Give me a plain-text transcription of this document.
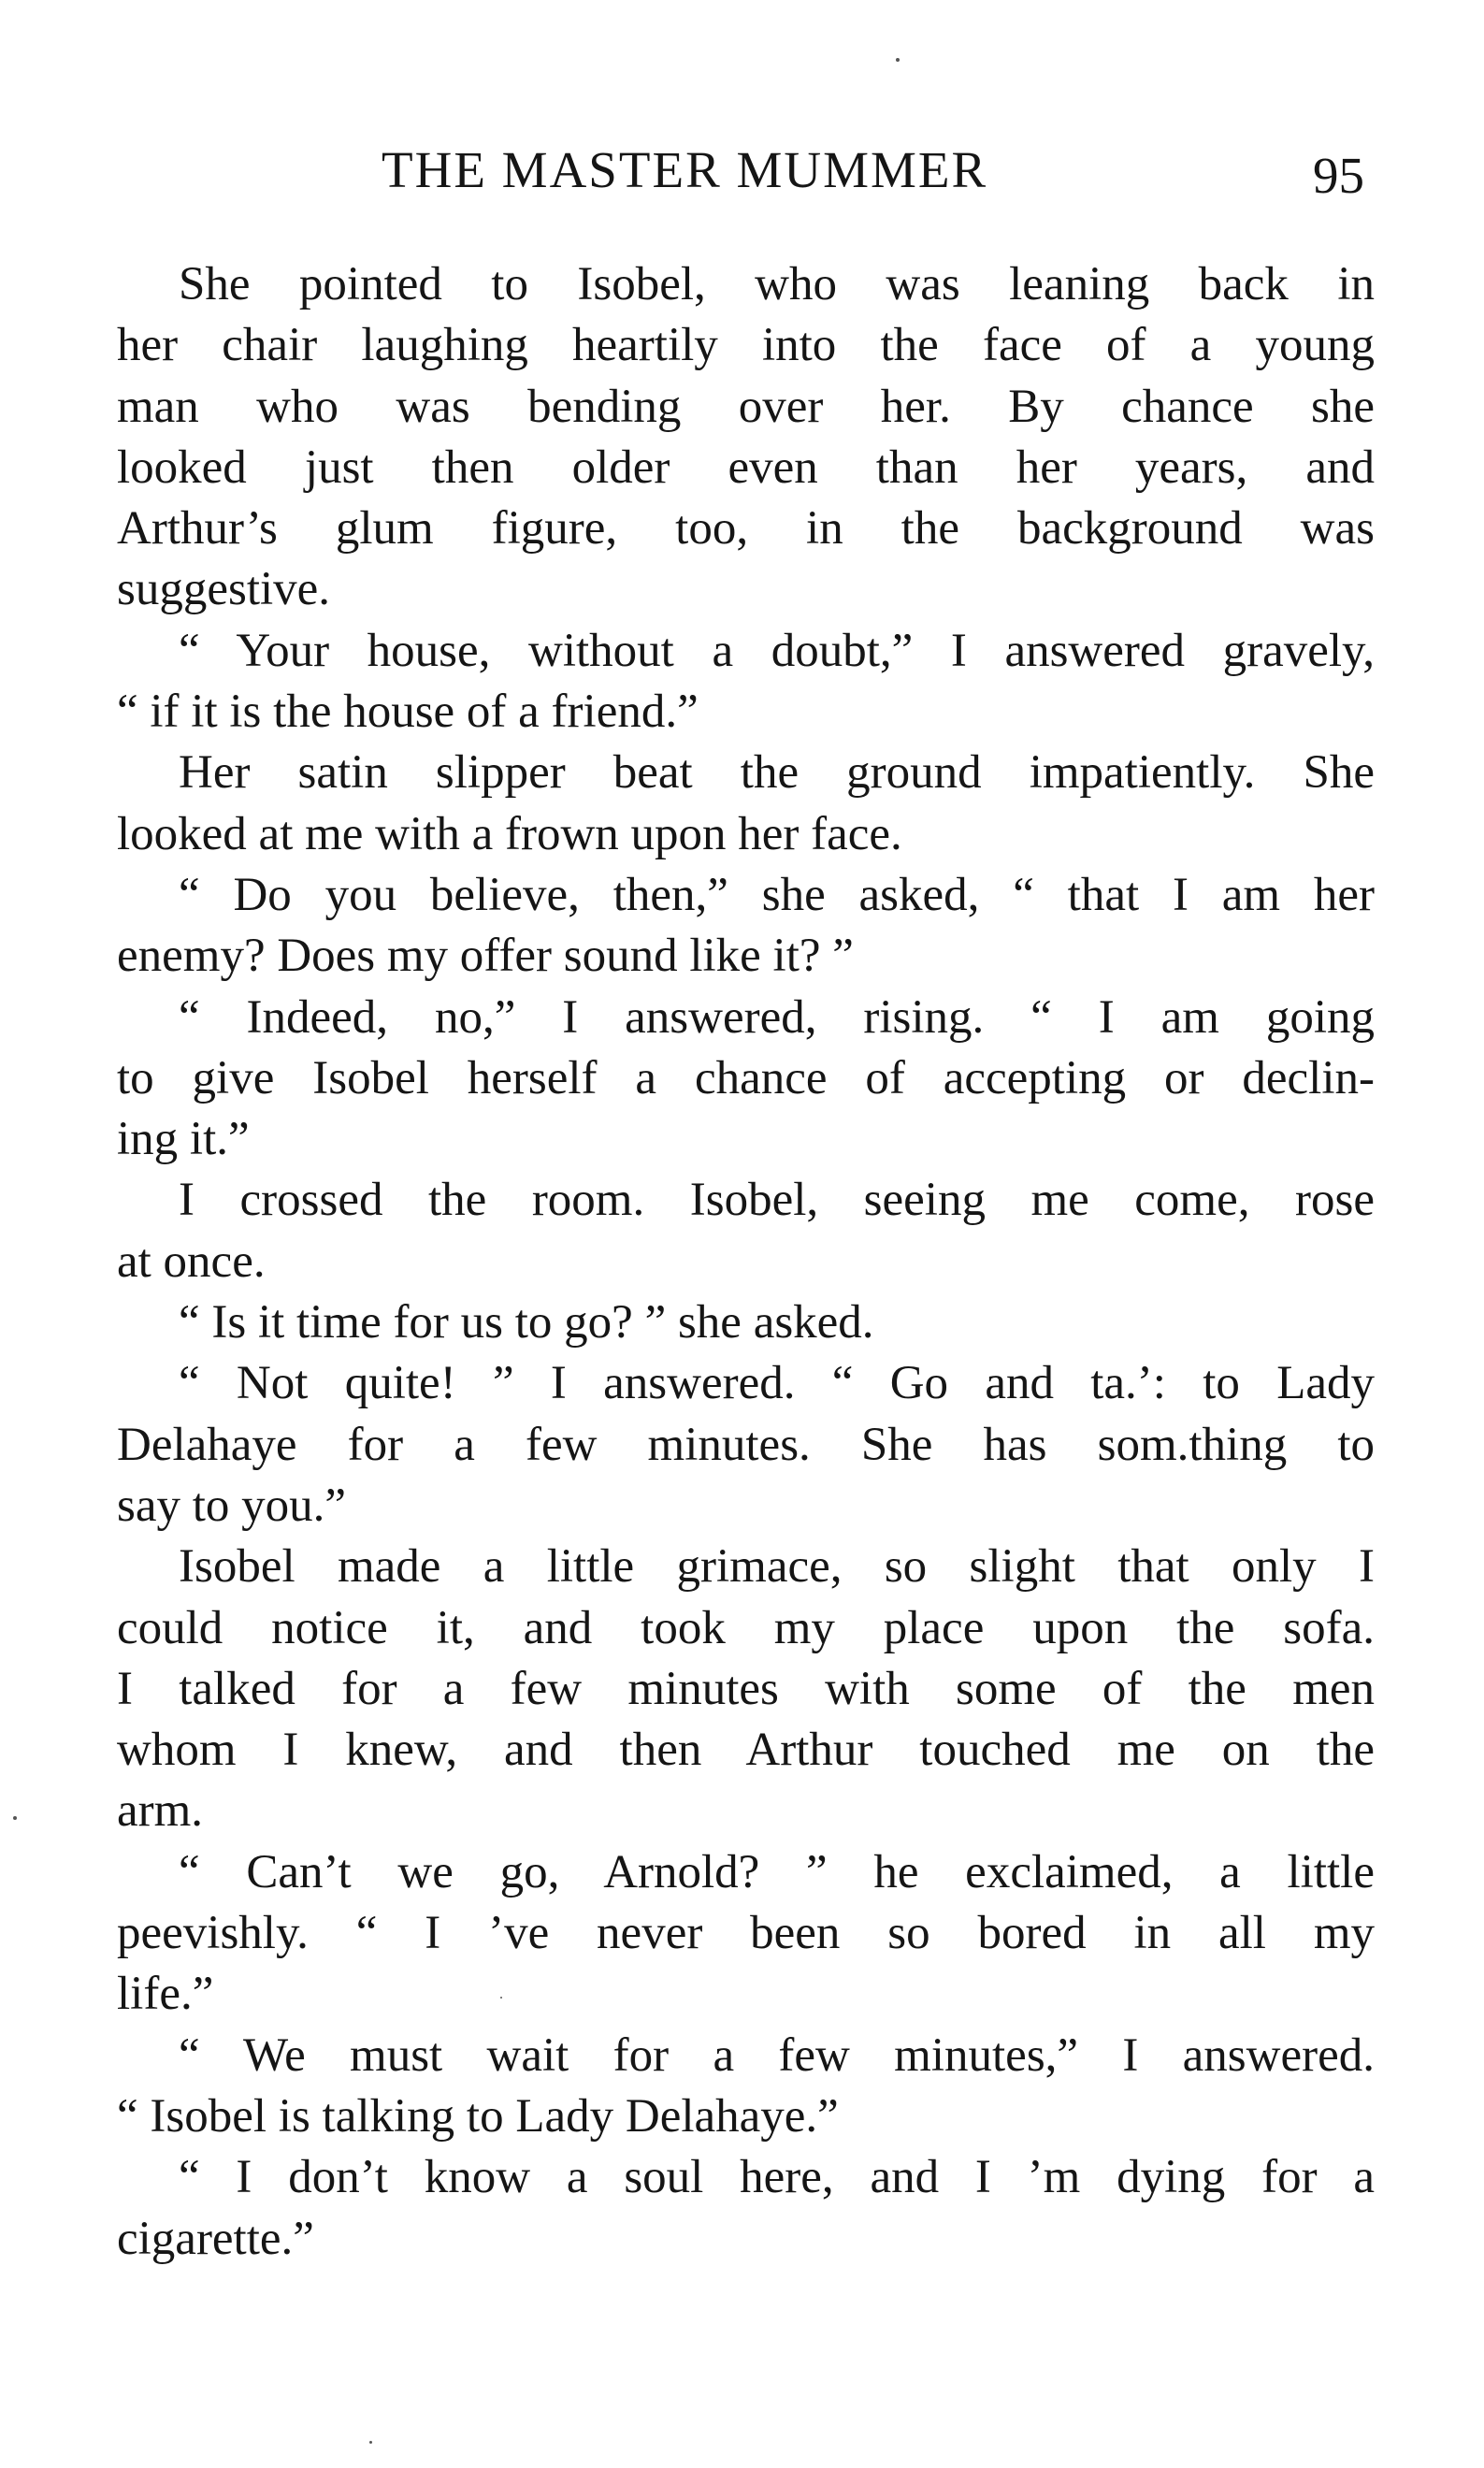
THE MASTER MUMMER	95
She pointed to Isobel, who was leaning back in
her chair laughing heartily into the face of a young
man who was bending over her. By chance she
looked just then older even than her years, and
Arthur’s glum figure, too, in the background was
suggestive.
“ Your house, without a doubt,” I answered gravely,
“ if it is the house of a friend.”
Her satin slipper beat the ground impatiently. She
looked at me with a frown upon her face.
“ Do you believe, then,” she asked, “ that I am her
enemy? Does my offer sound like it? ”
“ Indeed, no,” I answered, rising. “ I am going
to give Isobel herself a chance of accepting or declin-
ing it.”
I crossed the room. Isobel, seeing me come, rose
at once.
“ Is it time for us to go? ” she asked.
“ Not quite! ” I answered. “ Go and ta.’: to Lady
Delahaye for a few minutes. She has som.thing to
say to you.”
Isobel made a little grimace, so slight that only I
could notice it, and took my place upon the sofa.
I talked for a few minutes with some of the men
whom I knew, and then Arthur touched me on the
arm.
“ Can’t we go, Arnold? ” he exclaimed, a little
peevishly. “ I ’ve never been so bored in all my
life.”
“ We must wait for a few minutes,” I answered.
“ Isobel is talking to Lady Delahaye.”
“ I don’t know a soul here, and I ’m dying for a
cigarette.”
